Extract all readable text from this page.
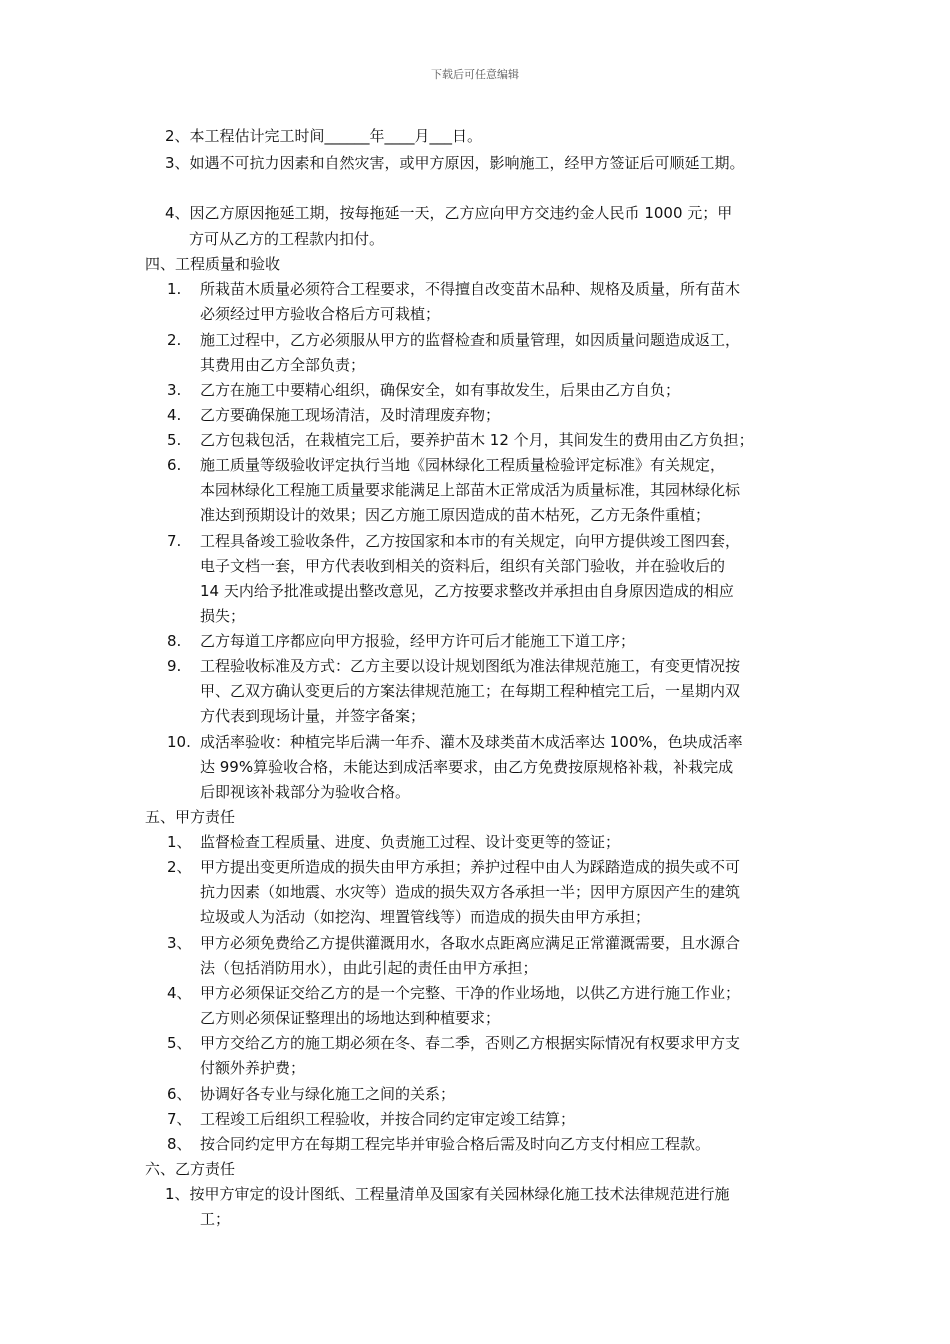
下载后可任意编辑
2、本工程估计完工时间______年____月___日。
3、如遇不可抗力因素和自然灾害，或甲方原因，影响施工，经甲方签证后可顺延工期。
4、因乙方原因拖延工期，按每拖延一天，乙方应向甲方交违约金人民币 1000 元；甲
方可从乙方的工程款内扣付。
四、工程质量和验收
1. 所栽苗木质量必须符合工程要求，不得擅自改变苗木品种、规格及质量，所有苗木
必须经过甲方验收合格后方可栽植；
2. 施工过程中，乙方必须服从甲方的监督检查和质量管理，如因质量问题造成返工，
其费用由乙方全部负责；
3. 乙方在施工中要精心组织，确保安全，如有事故发生，后果由乙方自负；
4. 乙方要确保施工现场清洁，及时清理废弃物；
5. 乙方包栽包活，在栽植完工后，要养护苗木 12 个月，其间发生的费用由乙方负担；
6. 施工质量等级验收评定执行当地《园林绿化工程质量检验评定标准》有关规定，
本园林绿化工程施工质量要求能满足上部苗木正常成活为质量标准，其园林绿化标
准达到预期设计的效果；因乙方施工原因造成的苗木枯死，乙方无条件重植；
7. 工程具备竣工验收条件，乙方按国家和本市的有关规定，向甲方提供竣工图四套，
电子文档一套，甲方代表收到相关的资料后，组织有关部门验收，并在验收后的
14 天内给予批准或提出整改意见，乙方按要求整改并承担由自身原因造成的相应
损失；
8. 乙方每道工序都应向甲方报验，经甲方许可后才能施工下道工序；
9. 工程验收标准及方式：乙方主要以设计规划图纸为准法律规范施工，有变更情况按
甲、乙双方确认变更后的方案法律规范施工；在每期工程种植完工后，一星期内双
方代表到现场计量，并签字备案；
10. 成活率验收：种植完毕后满一年乔、灌木及球类苗木成活率达 100%，色块成活率
达 99%算验收合格，未能达到成活率要求，由乙方免费按原规格补栽，补栽完成
后即视该补栽部分为验收合格。
五、甲方责任
1、 监督检查工程质量、进度、负责施工过程、设计变更等的签证；
2、 甲方提出变更所造成的损失由甲方承担；养护过程中由人为踩踏造成的损失或不可
抗力因素（如地震、水灾等）造成的损失双方各承担一半；因甲方原因产生的建筑
垃圾或人为活动（如挖沟、埋置管线等）而造成的损失由甲方承担；
3、 甲方必须免费给乙方提供灌溉用水，各取水点距离应满足正常灌溉需要，且水源合
法（包括消防用水），由此引起的责任由甲方承担；
4、 甲方必须保证交给乙方的是一个完整、干净的作业场地，以供乙方进行施工作业；
乙方则必须保证整理出的场地达到种植要求；
5、 甲方交给乙方的施工期必须在冬、春二季，否则乙方根据实际情况有权要求甲方支
付额外养护费；
6、 协调好各专业与绿化施工之间的关系；
7、 工程竣工后组织工程验收，并按合同约定审定竣工结算；
8、 按合同约定甲方在每期工程完毕并审验合格后需及时向乙方支付相应工程款。
六、乙方责任
1、按甲方审定的设计图纸、工程量清单及国家有关园林绿化施工技术法律规范进行施
工；
